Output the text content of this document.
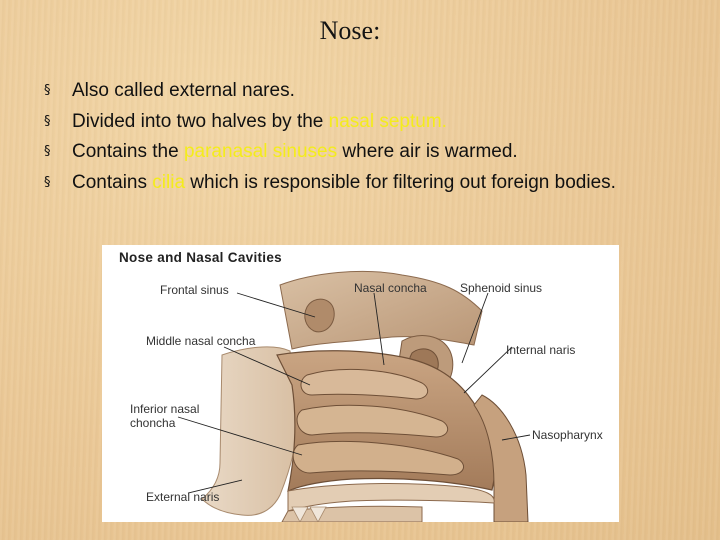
Nose:
§ Also called external nares.
§ Divided into two halves by the nasal septum.
§ Contains the paranasal sinuses where air is warmed.
§ Contains cilia which is responsible for filtering out foreign bodies.
Nose and Nasal Cavities
Frontal sinus	Nasal concha	Sphenoid sinus
Middle nasal concha
Internal naris
Inferior nasal
choncha
Nasopharynx
External naris
